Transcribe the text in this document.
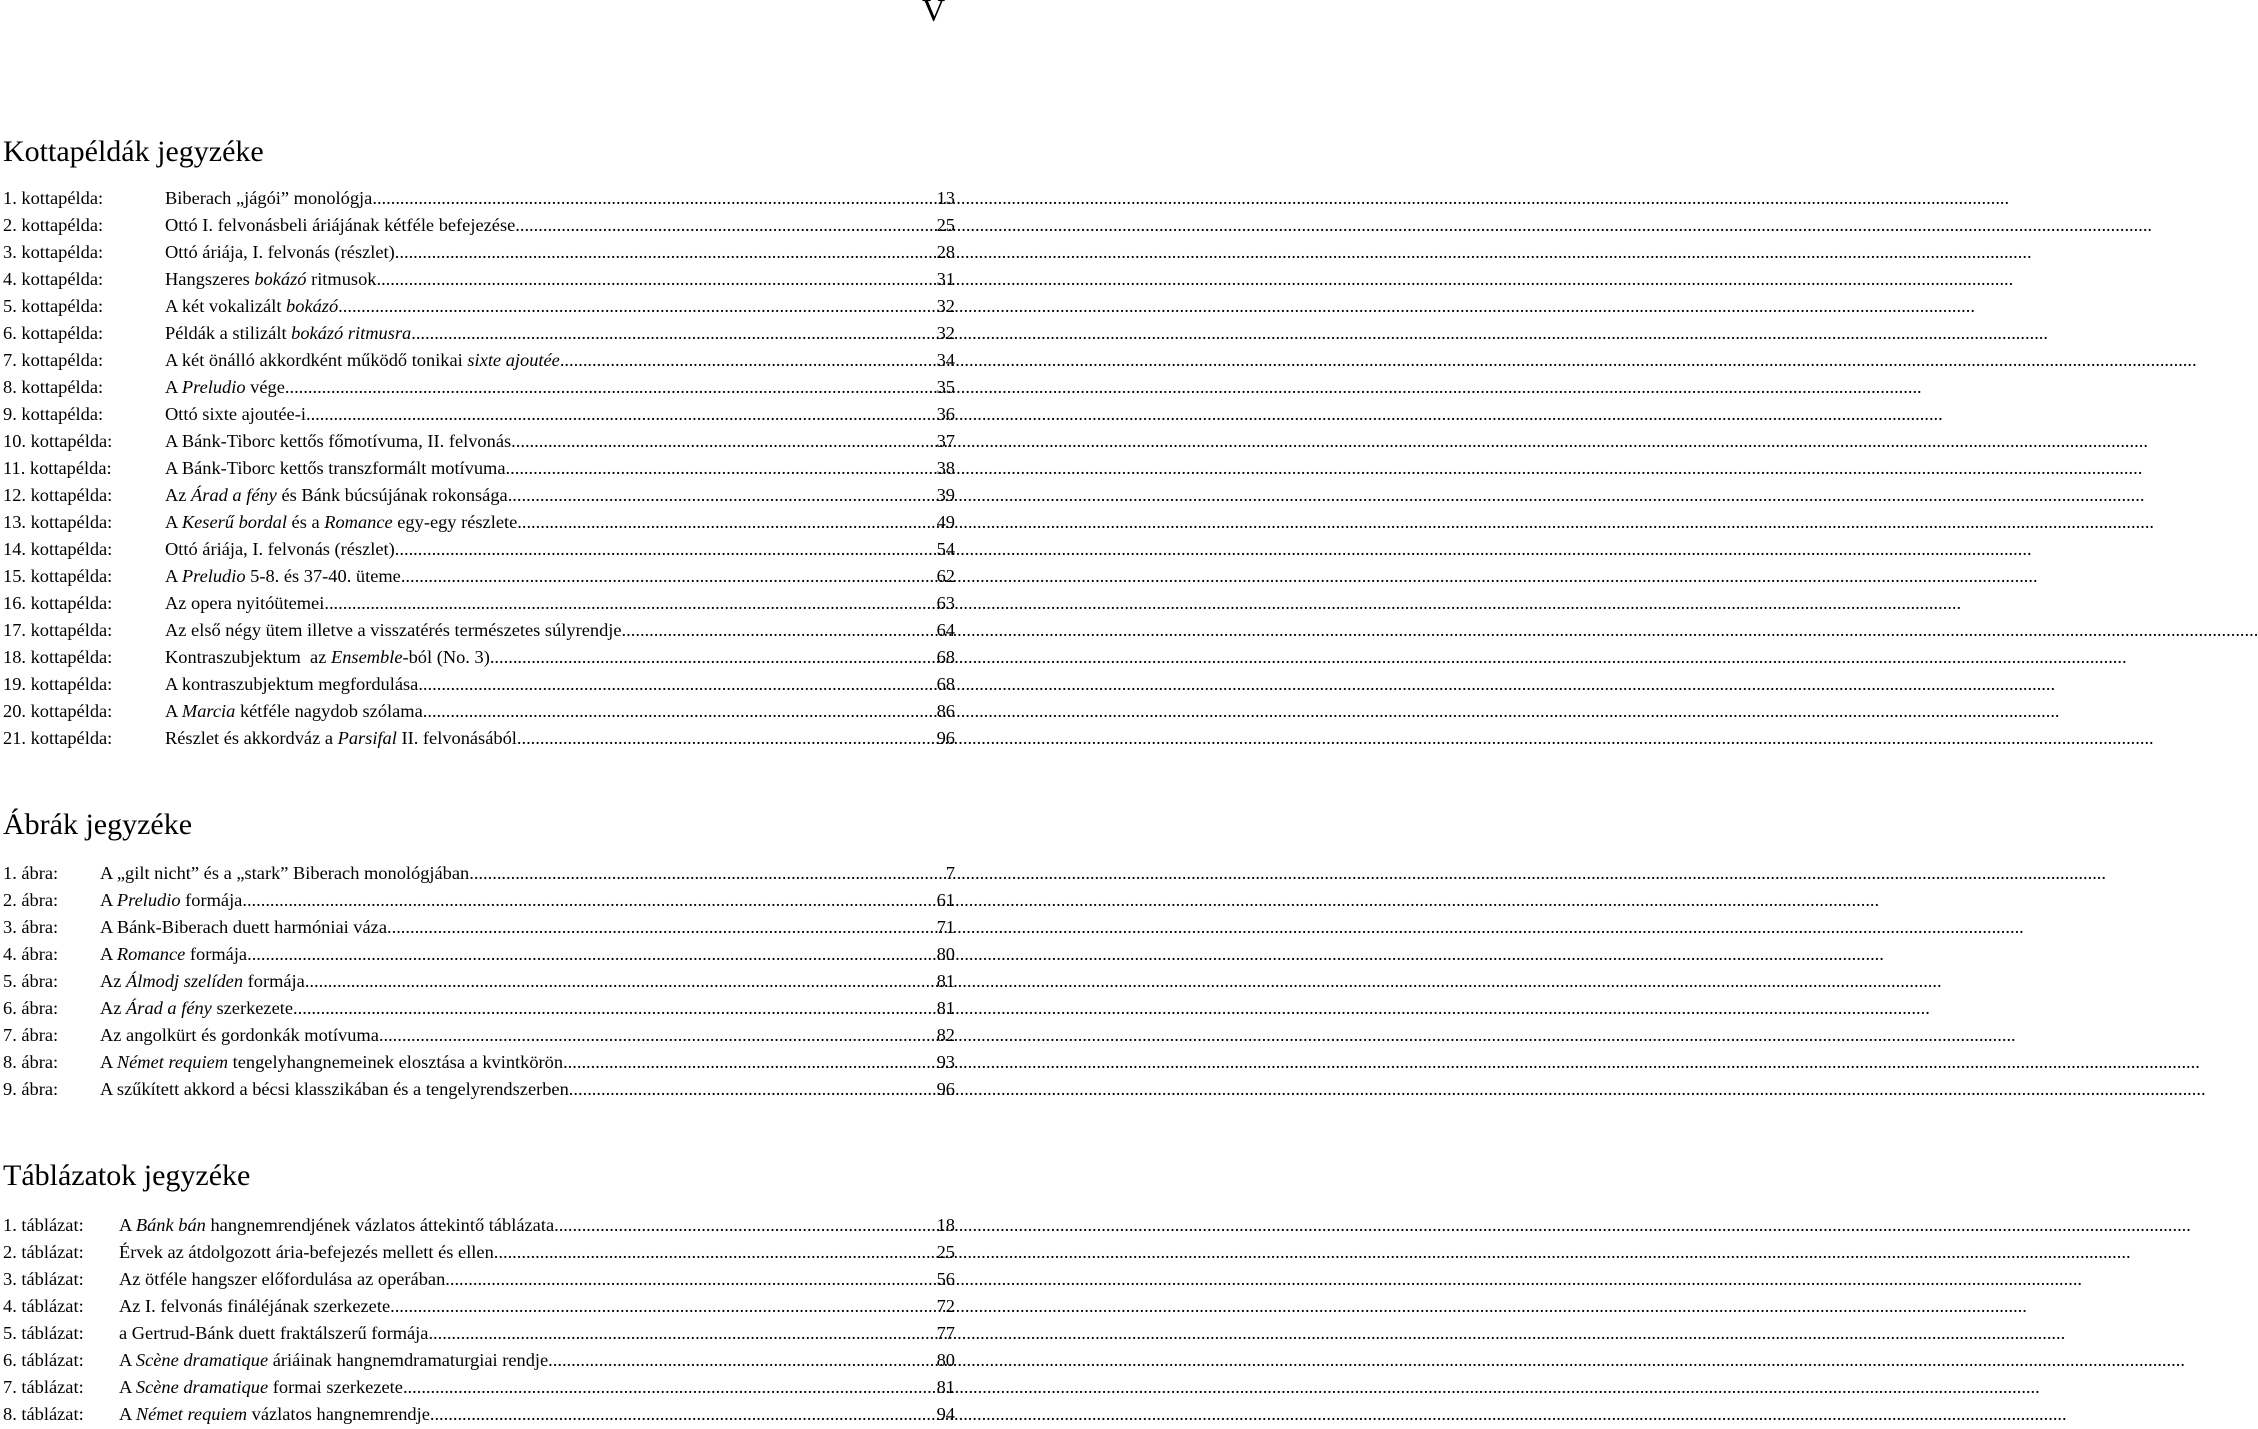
V
Kottapéldák jegyzéke
1. kottapélda:	Biberach „jágói” monológja .....	13
2. kottapélda:	Ottó I. felvonásbeli áriájának kétféle befejezése .....	25
3. kottapélda:	Ottó áriája, I. felvonás (részlet) .....	28
4. kottapélda:	Hangszeres bokázó ritmusok .....	31
5. kottapélda:	A két vokalizált bokázó .....	32
6. kottapélda:	Példák a stilizált bokázó ritmusra .....	32
7. kottapélda:	A két önálló akkordként működő tonikai sixte ajoutée .....	34
8. kottapélda:	A Preludio vége .....	35
9. kottapélda:	Ottó sixte ajoutée-i .....	36
10. kottapélda:	A Bánk-Tiborc kettős főmotívuma, II. felvonás .....	37
11. kottapélda:	A Bánk-Tiborc kettős transzformált motívuma .....	38
12. kottapélda:	Az Árad a fény és Bánk búcsújának rokonsága .....	39
13. kottapélda:	A Keserű bordal és a Romance egy-egy részlete .....	49
14. kottapélda:	Ottó áriája, I. felvonás (részlet) .....	54
15. kottapélda:	A Preludio 5-8. és 37-40. üteme .....	62
16. kottapélda:	Az opera nyitóütemei .....	63
17. kottapélda:	Az első négy ütem illetve a visszatérés természetes súlyrendje .....	64
18. kottapélda:	Kontraszubjektum  az Ensemble-ból (No. 3) .....	68
19. kottapélda:	A kontraszubjektum megfordulása .....	68
20. kottapélda:	A Marcia kétféle nagydob szólama .....	86
21. kottapélda:	Részlet és akkordváz a Parsifal II. felvonásából .....	96
Ábrák jegyzéke
1. ábra:	A „gilt nicht” és a „stark” Biberach monológjában .....	7
2. ábra:	A Preludio formája .....	61
3. ábra:	A Bánk-Biberach duett harmóniai váza .....	71
4. ábra:	A Romance formája .....	80
5. ábra:	Az Álmodj szelíden formája .....	81
6. ábra:	Az Árad a fény szerkezete .....	81
7. ábra:	Az angolkürt és gordonkák motívuma .....	82
8. ábra:	A Német requiem tengelyhangnemeinek elosztása a kvintkörön .....	93
9. ábra:	A szűkített akkord a bécsi klasszikában és a tengelyrendszerben .....	96
Táblázatok jegyzéke
1. táblázat:	A Bánk bán hangnemrendjének vázlatos áttekintő táblázata .....	18
2. táblázat:	Érvek az átdolgozott ária-befejezés mellett és ellen .....	25
3. táblázat:	Az ötféle hangszer előfordulása az operában .....	56
4. táblázat:	Az I. felvonás fináléjának szerkezete .....	72
5. táblázat:	a Gertrud-Bánk duett fraktálszerű formája .....	77
6. táblázat:	A Scène dramatique áriáinak hangnemdramaturgiai rendje .....	80
7. táblázat:	A Scène dramatique formai szerkezete .....	81
8. táblázat:	A Német requiem vázlatos hangnemrendje .....	94
